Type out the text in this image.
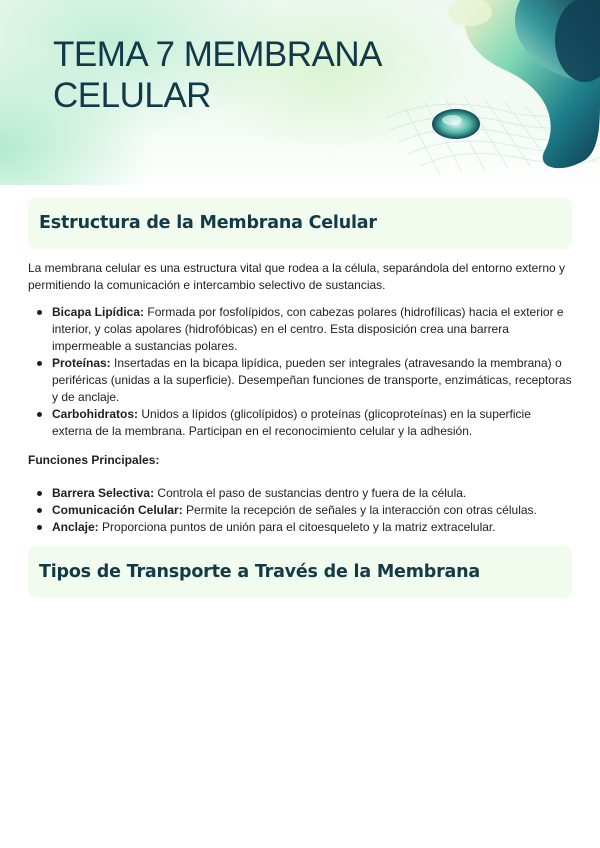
TEMA 7 MEMBRANA
CELULAR
Estructura de la Membrana Celular

La membrana celular es una estructura vital que rodea a la célula, separándola del entorno externo y permitiendo la comunicación e intercambio selectivo de sustancias.

Bicapa Lipídica: Formada por fosfolípidos, con cabezas polares (hidrofílicas) hacia el exterior e interior, y colas apolares (hidrofóbicas) en el centro. Esta disposición crea una barrera impermeable a sustancias polares.
Proteínas: Insertadas en la bicapa lipídica, pueden ser integrales (atravesando la membrana) o periféricas (unidas a la superficie). Desempeñan funciones de transporte, enzimáticas, receptoras y de anclaje.
Carbohidratos: Unidos a lípidos (glicolípidos) o proteínas (glicoproteínas) en la superficie externa de la membrana. Participan en el reconocimiento celular y la adhesión.

Funciones Principales:

Barrera Selectiva: Controla el paso de sustancias dentro y fuera de la célula.
Comunicación Celular: Permite la recepción de señales y la interacción con otras células.
Anclaje: Proporciona puntos de unión para el citoesqueleto y la matriz extracelular.
Tipos de Transporte a Través de la Membrana
